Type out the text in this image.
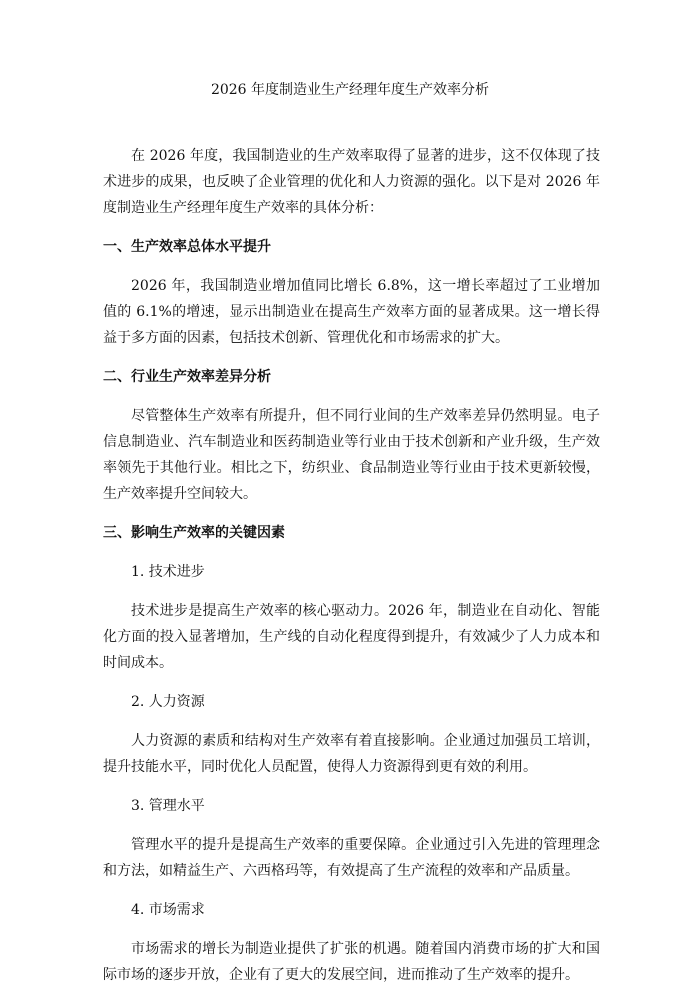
2026 年度制造业生产经理年度生产效率分析

在 2026 年度，我国制造业的生产效率取得了显著的进步，这不仅体现了技术进步的成果，也反映了企业管理的优化和人力资源的强化。以下是对 2026 年度制造业生产经理年度生产效率的具体分析：

一、生产效率总体水平提升

2026 年，我国制造业增加值同比增长 6.8%，这一增长率超过了工业增加值的 6.1%的增速，显示出制造业在提高生产效率方面的显著成果。这一增长得益于多方面的因素，包括技术创新、管理优化和市场需求的扩大。

二、行业生产效率差异分析

尽管整体生产效率有所提升，但不同行业间的生产效率差异仍然明显。电子信息制造业、汽车制造业和医药制造业等行业由于技术创新和产业升级，生产效率领先于其他行业。相比之下，纺织业、食品制造业等行业由于技术更新较慢，生产效率提升空间较大。

三、影响生产效率的关键因素
1. 技术进步

技术进步是提高生产效率的核心驱动力。2026 年，制造业在自动化、智能化方面的投入显著增加，生产线的自动化程度得到提升，有效减少了人力成本和时间成本。

2. 人力资源

人力资源的素质和结构对生产效率有着直接影响。企业通过加强员工培训，提升技能水平，同时优化人员配置，使得人力资源得到更有效的利用。

3. 管理水平

管理水平的提升是提高生产效率的重要保障。企业通过引入先进的管理理念和方法，如精益生产、六西格玛等，有效提高了生产流程的效率和产品质量。

4. 市场需求

市场需求的增长为制造业提供了扩张的机遇。随着国内消费市场的扩大和国际市场的逐步开放，企业有了更大的发展空间，进而推动了生产效率的提升。
